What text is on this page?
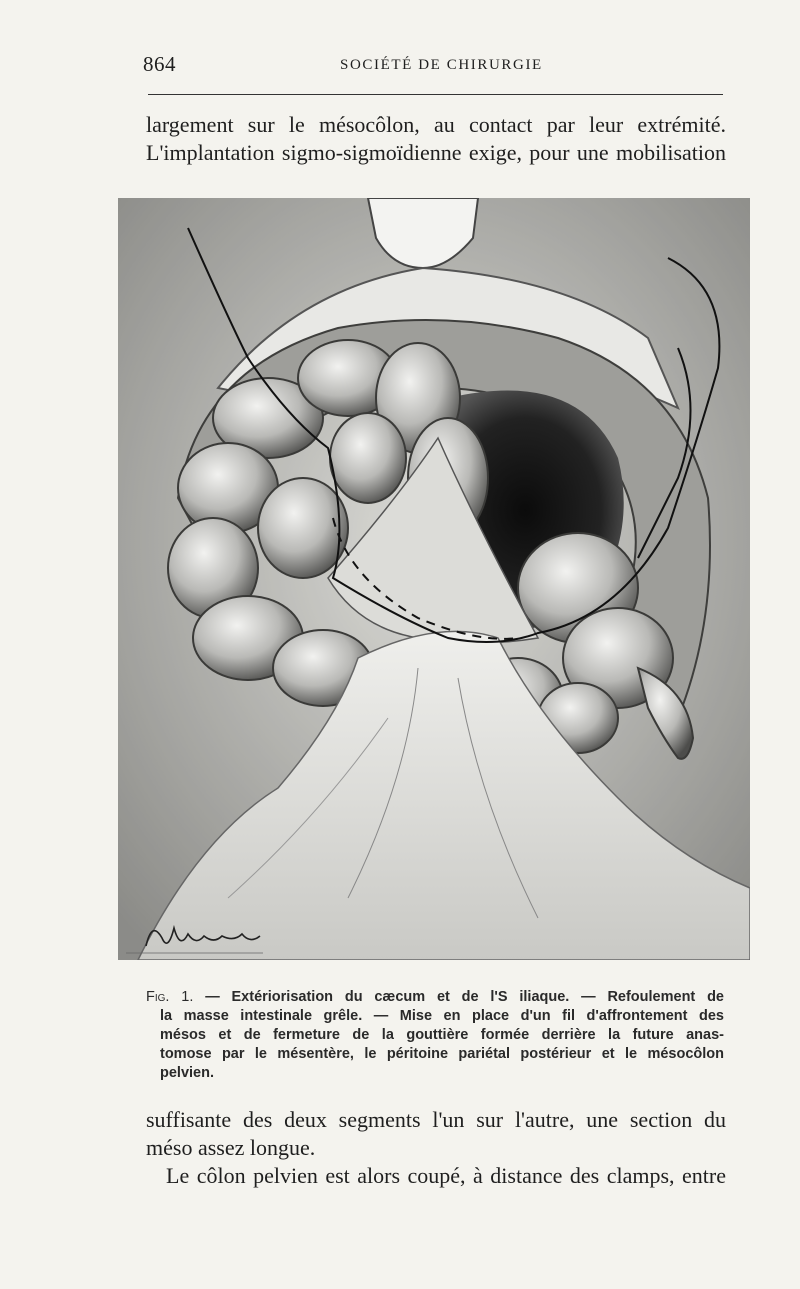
864	SOCIÉTÉ DE CHIRURGIE
largement sur le mésocôlon, au contact par leur extrémité.
L'implantation sigmo-sigmoïdienne exige, pour une mobilisation
Fig. 1. — Extériorisation du cæcum et de l'S iliaque. — Refoulement de
la masse intestinale grêle. — Mise en place d'un fil d'affrontement des
mésos et de fermeture de la gouttière formée derrière la future anas-
tomose par le mésentère, le péritoine pariétal postérieur et le mésocôlon
pelvien.
suffisante des deux segments l'un sur l'autre, une section du
méso assez longue.
Le côlon pelvien est alors coupé, à distance des clamps, entre
